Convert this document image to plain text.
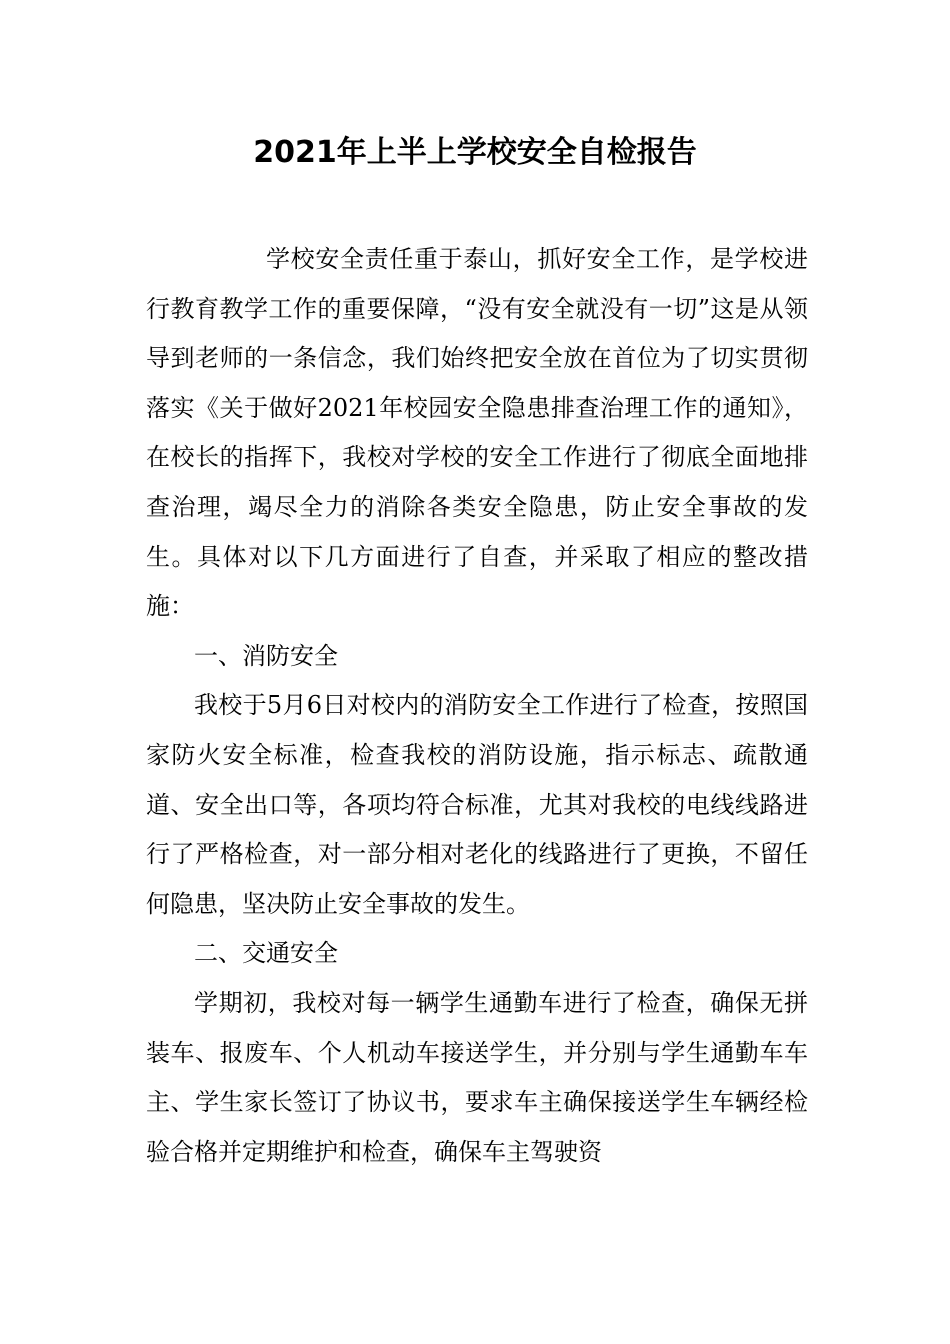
2021年上半上学校安全自检报告

学校安全责任重于泰山，抓好安全工作，是学校进行教育教学工作的重要保障，“没有安全就没有一切”这是从领导到老师的一条信念，我们始终把安全放在首位为了切实贯彻落实《关于做好2021年校园安全隐患排查治理工作的通知》，在校长的指挥下，我校对学校的安全工作进行了彻底全面地排查治理，竭尽全力的消除各类安全隐患，防止安全事故的发生。具体对以下几方面进行了自查，并采取了相应的整改措施：

一、消防安全

我校于5月6日对校内的消防安全工作进行了检查，按照国家防火安全标准，检查我校的消防设施，指示标志、疏散通道、安全出口等，各项均符合标准，尤其对我校的电线线路进行了严格检查，对一部分相对老化的线路进行了更换，不留任何隐患，坚决防止安全事故的发生。

二、交通安全

学期初，我校对每一辆学生通勤车进行了检查，确保无拼装车、报废车、个人机动车接送学生，并分别与学生通勤车车主、学生家长签订了协议书，要求车主确保接送学生车辆经检验合格并定期维护和检查，确保车主驾驶资
